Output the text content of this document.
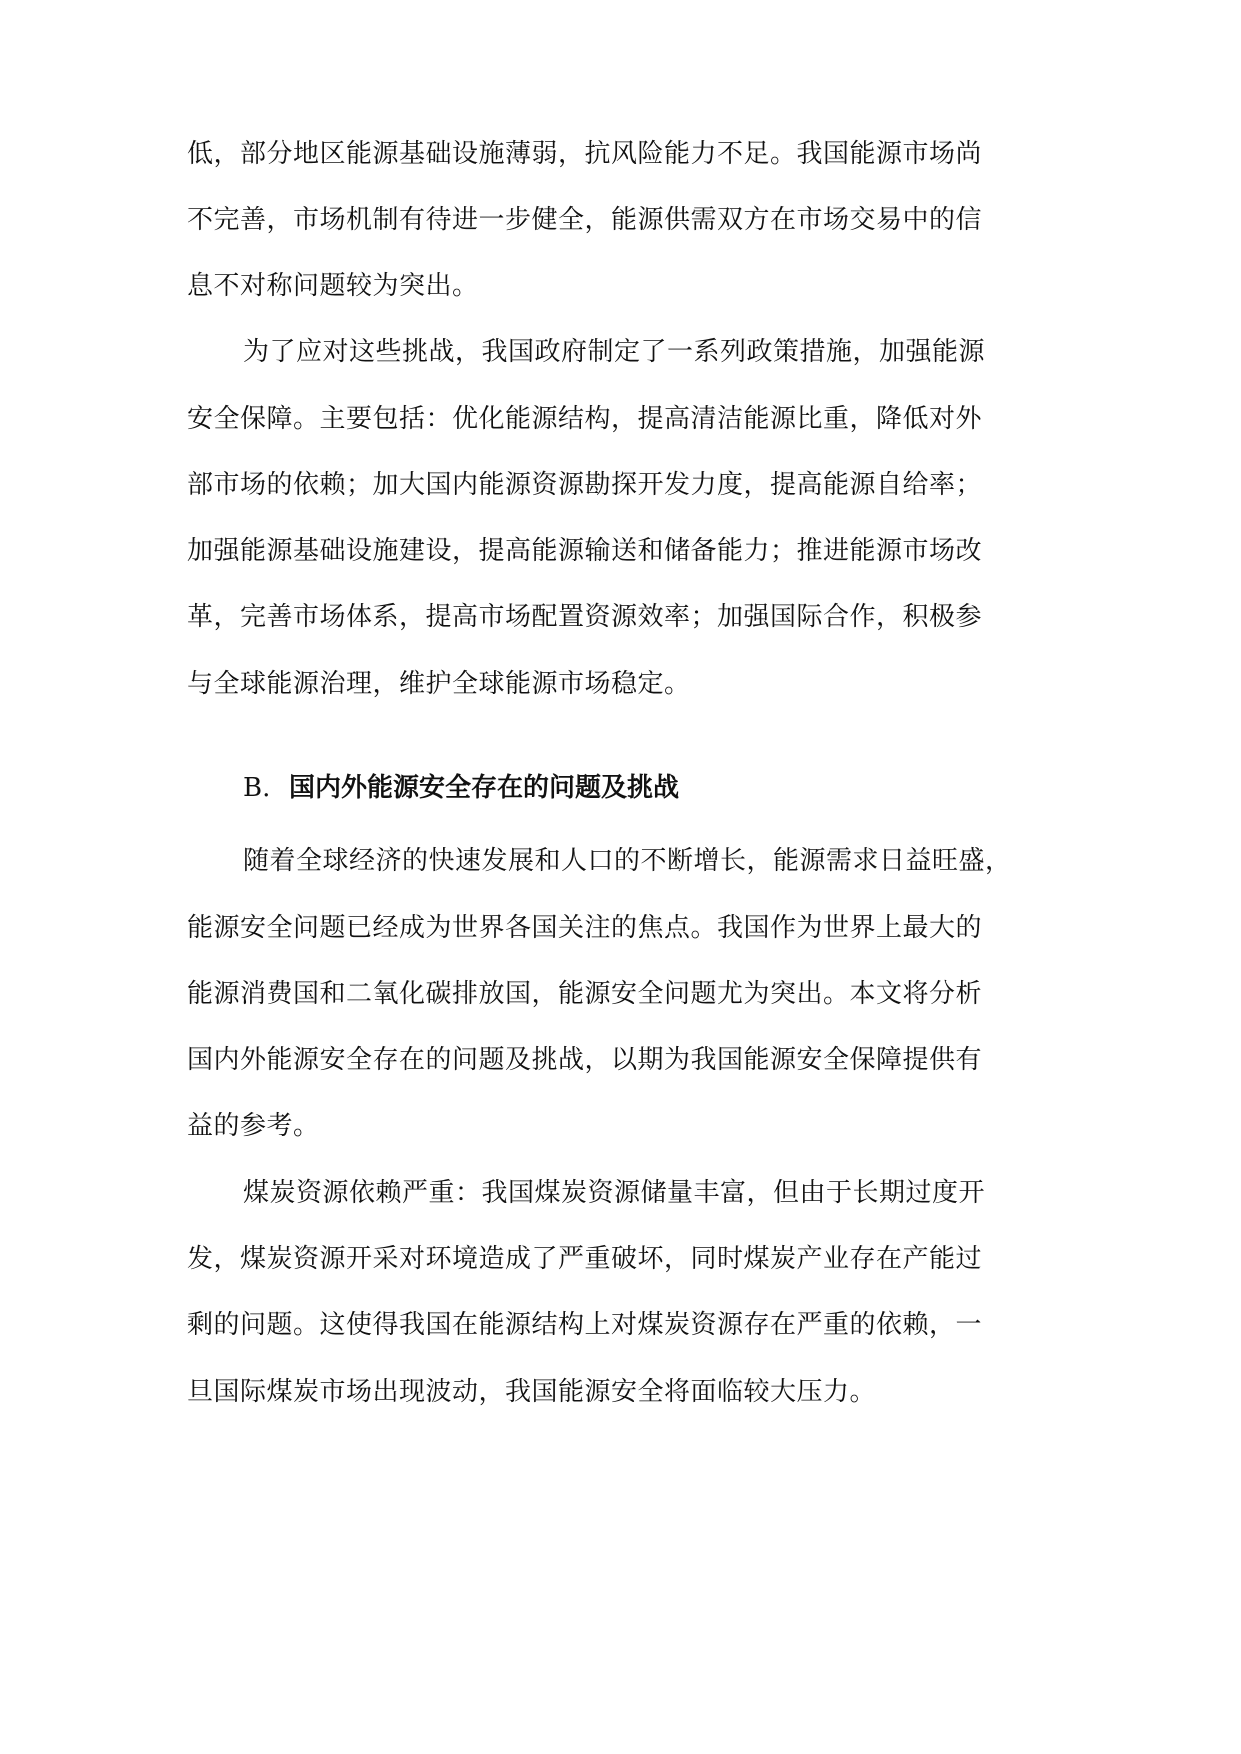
低，部分地区能源基础设施薄弱，抗风险能力不足。我国能源市场尚
不完善，市场机制有待进一步健全，能源供需双方在市场交易中的信
息不对称问题较为突出。
为了应对这些挑战，我国政府制定了一系列政策措施，加强能源
安全保障。主要包括：优化能源结构，提高清洁能源比重，降低对外
部市场的依赖；加大国内能源资源勘探开发力度，提高能源自给率；
加强能源基础设施建设，提高能源输送和储备能力；推进能源市场改
革，完善市场体系，提高市场配置资源效率；加强国际合作，积极参
与全球能源治理，维护全球能源市场稳定。
B. 国内外能源安全存在的问题及挑战
随着全球经济的快速发展和人口的不断增长，能源需求日益旺盛，
能源安全问题已经成为世界各国关注的焦点。我国作为世界上最大的
能源消费国和二氧化碳排放国，能源安全问题尤为突出。本文将分析
国内外能源安全存在的问题及挑战，以期为我国能源安全保障提供有
益的参考。
煤炭资源依赖严重：我国煤炭资源储量丰富，但由于长期过度开
发，煤炭资源开采对环境造成了严重破坏，同时煤炭产业存在产能过
剩的问题。这使得我国在能源结构上对煤炭资源存在严重的依赖，一
旦国际煤炭市场出现波动，我国能源安全将面临较大压力。
